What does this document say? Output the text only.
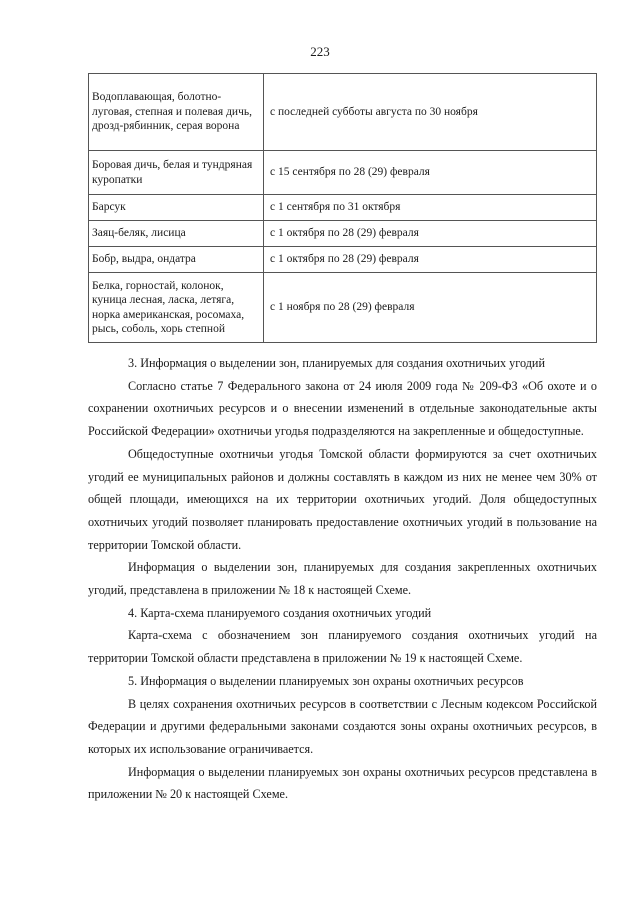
223
Водоплавающая, болотно-луговая, степная и полевая дичь, дрозд-рябинник, серая ворона	с последней субботы августа по 30 ноября
Боровая дичь, белая и тундряная куропатки	с 15 сентября по 28 (29) февраля
Барсук	с 1 сентября по 31 октября
Заяц-беляк, лисица	с 1 октября по 28 (29) февраля
Бобр, выдра, ондатра	с 1 октября по 28 (29) февраля
Белка, горностай, колонок, куница лесная, ласка, летяга, норка американская, росомаха, рысь, соболь, хорь степной	с 1 ноября по 28 (29) февраля

3. Информация о выделении зон, планируемых для создания охотничьих угодий

Согласно статье 7 Федерального закона от 24 июля 2009 года № 209-ФЗ «Об охоте и о сохранении охотничьих ресурсов и о внесении изменений в отдельные законодательные акты Российской Федерации» охотничьи угодья подразделяются на закрепленные и общедоступные.

Общедоступные охотничьи угодья Томской области формируются за счет охотничьих угодий ее муниципальных районов и должны составлять в каждом из них не менее чем 30% от общей площади, имеющихся на их территории охотничьих угодий. Доля общедоступных охотничьих угодий позволяет планировать предоставление охотничьих угодий в пользование на территории Томской области.

Информация о выделении зон, планируемых для создания закрепленных охотничьих угодий, представлена в приложении № 18 к настоящей Схеме.

4. Карта-схема планируемого создания охотничьих угодий

Карта-схема с обозначением зон планируемого создания охотничьих угодий на территории Томской области представлена в приложении № 19 к настоящей Схеме.

5. Информация о выделении планируемых зон охраны охотничьих ресурсов

В целях сохранения охотничьих ресурсов в соответствии с Лесным кодексом Российской Федерации и другими федеральными законами создаются зоны охраны охотничьих ресурсов, в которых их использование ограничивается.

Информация о выделении планируемых зон охраны охотничьих ресурсов представлена в приложении № 20 к настоящей Схеме.
